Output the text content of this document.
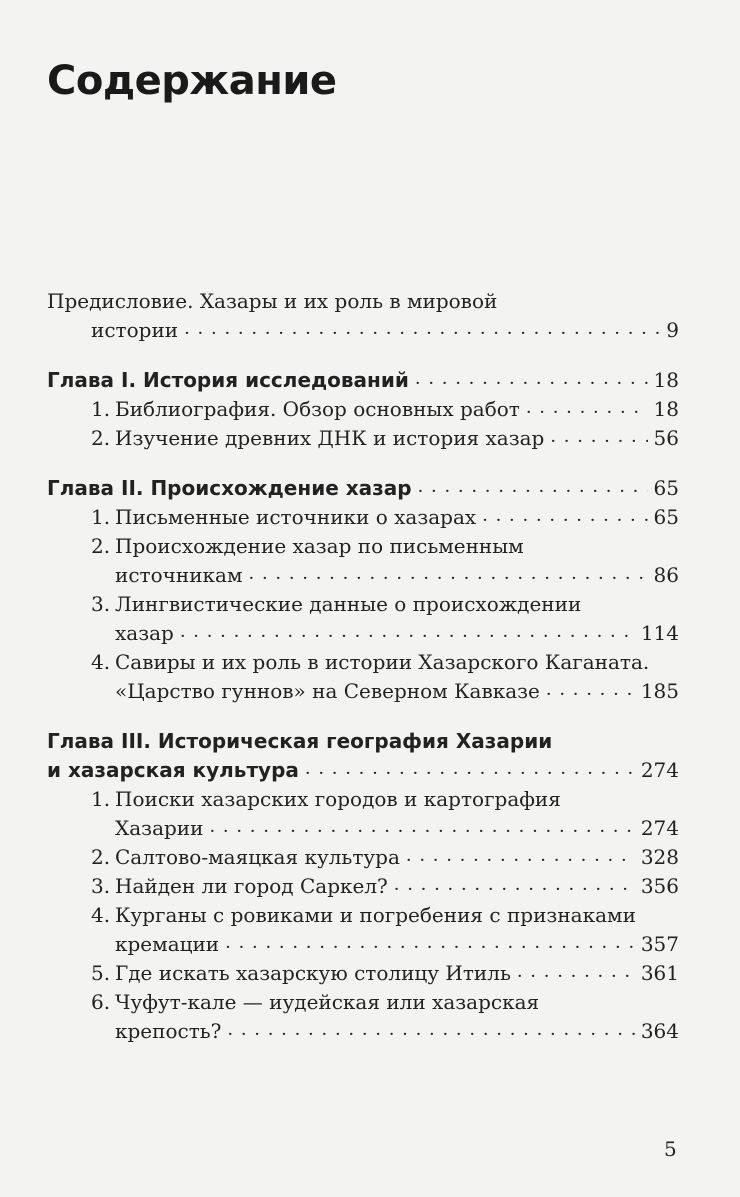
Содержание
Предисловие. Хазары и их роль в мировой
истории · · ·	9
Глава I. История исследований · · ·	18
1. Библиография. Обзор основных работ · · ·	18
2. Изучение древних ДНК и история хазар · · ·	56
Глава II. Происхождение хазар · · ·	65
1. Письменные источники о хазарах · · ·	65
2. Происхождение хазар по письменным
источникам · · ·	86
3. Лингвистические данные о происхождении
хазар · · ·	114
4. Савиры и их роль в истории Хазарского Каганата.
«Царство гуннов» на Северном Кавказе · · ·	185
Глава III. Историческая география Хазарии
и хазарская культура · · ·	274
1. Поиски хазарских городов и картография
Хазарии · · ·	274
2. Салтово-маяцкая культура · · ·	328
3. Найден ли город Саркел? · · ·	356
4. Курганы с ровиками и погребения с признаками
кремации · · ·	357
5. Где искать хазарскую столицу Итиль · · ·	361
6. Чуфут-кале — иудейская или хазарская
крепость? · · ·	364
5
